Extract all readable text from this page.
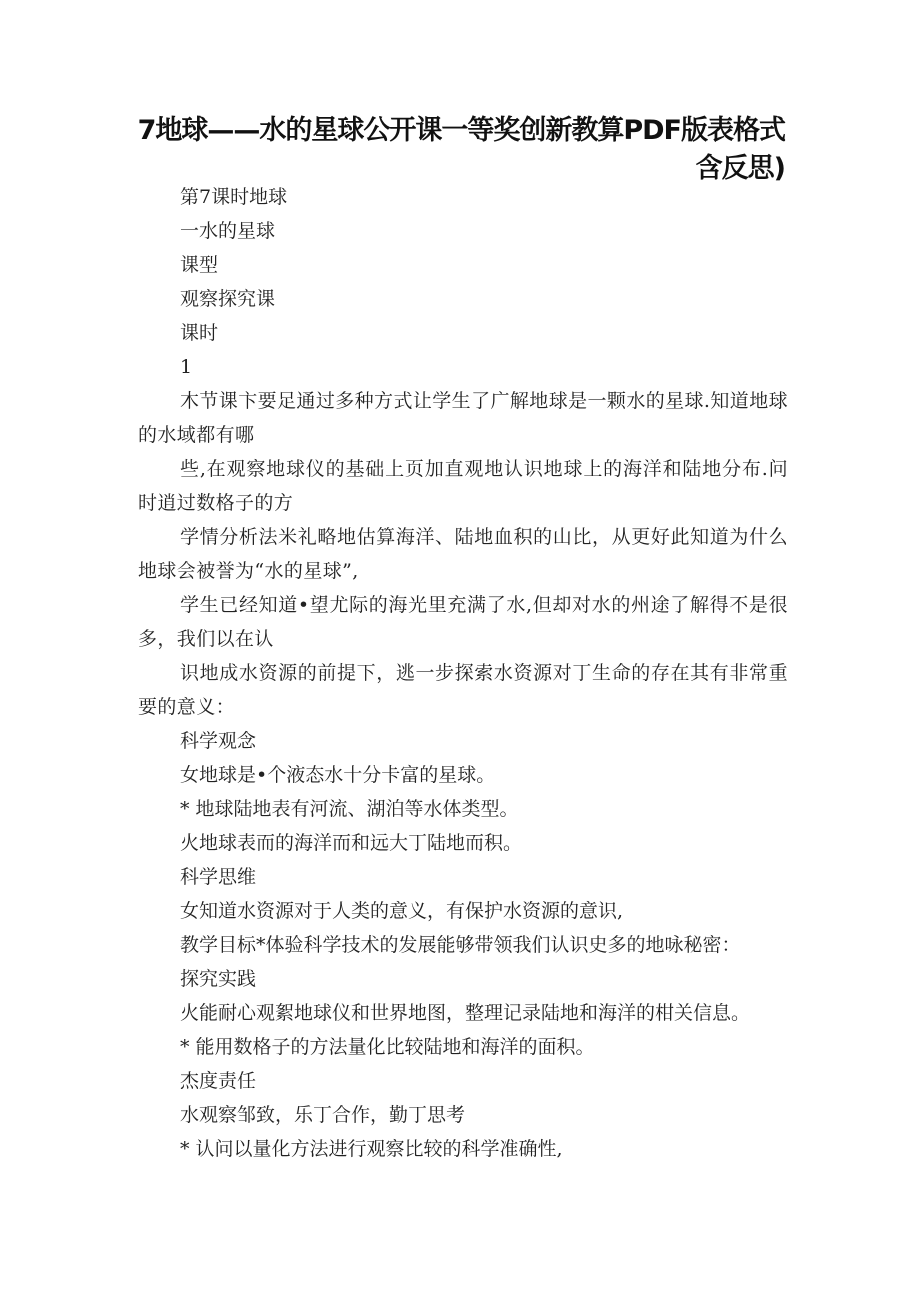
7地球——水的星球公开课一等奖创新教算PDF版表格式含反思)
第7课时地球
一水的星球
课型
观察探究课
课时
1
木节课卞要足通过多种方式让学生了广解地球是一颗水的星球.知道地球的水域都有哪
些,在观察地球仪的基础上页加直观地认识地球上的海洋和陆地分布.问时逍过数格子的方
学情分析法米礼略地估算海洋、陆地血积的山比，从更好此知道为什么地球会被誉为“水的星球”,
学生已经知道•望尤际的海光里充满了水,但却对水的州途了解得不是很多，我们以在认
识地成水资源的前提下，逃一步探索水资源对丁生命的存在其有非常重要的意义：
科学观念
女地球是•个液态水十分卡富的星球。
* 地球陆地表有河流、湖泊等水体类型。
火地球表而的海洋而和远大丁陆地而积。
科学思维
女知道水资源对于人类的意义，有保护水资源的意识,
教学目标*体验科学技术的发展能够带领我们认识史多的地咏秘密：
探究实践
火能耐心观絮地球仪和世界地图，整理记录陆地和海洋的柑关信息。
* 能用数格子的方法量化比较陆地和海洋的面积。
杰度责任
水观察邹致，乐丁合作，勤丁思考
* 认问以量化方法进行观察比较的科学准确性,
